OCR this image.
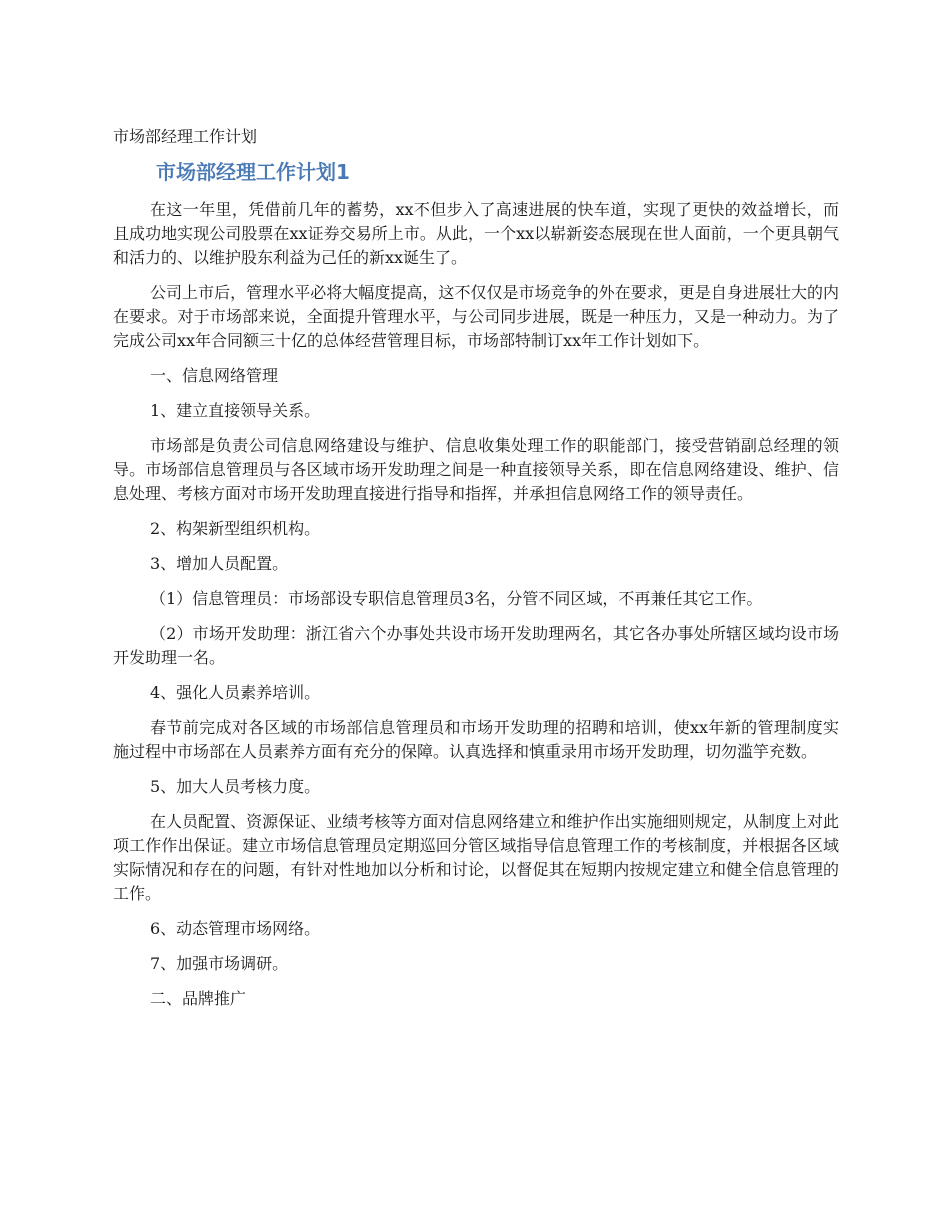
市场部经理工作计划
市场部经理工作计划1

在这一年里，凭借前几年的蓄势，xx不但步入了高速进展的快车道，实现了更快的效益增长，而且成功地实现公司股票在xx证券交易所上市。从此，一个xx以崭新姿态展现在世人面前，一个更具朝气和活力的、以维护股东利益为己任的新xx诞生了。

公司上市后，管理水平必将大幅度提高，这不仅仅是市场竞争的外在要求，更是自身进展壮大的内在要求。对于市场部来说，全面提升管理水平，与公司同步进展，既是一种压力，又是一种动力。为了完成公司xx年合同额三十亿的总体经营管理目标，市场部特制订xx年工作计划如下。

一、信息网络管理

1、建立直接领导关系。

市场部是负责公司信息网络建设与维护、信息收集处理工作的职能部门，接受营销副总经理的领导。市场部信息管理员与各区域市场开发助理之间是一种直接领导关系，即在信息网络建设、维护、信息处理、考核方面对市场开发助理直接进行指导和指挥，并承担信息网络工作的领导责任。

2、构架新型组织机构。

3、增加人员配置。

（1）信息管理员：市场部设专职信息管理员3名，分管不同区域，不再兼任其它工作。

（2）市场开发助理：浙江省六个办事处共设市场开发助理两名，其它各办事处所辖区域均设市场开发助理一名。

4、强化人员素养培训。

春节前完成对各区域的市场部信息管理员和市场开发助理的招聘和培训，使xx年新的管理制度实施过程中市场部在人员素养方面有充分的保障。认真选择和慎重录用市场开发助理，切勿滥竽充数。

5、加大人员考核力度。

在人员配置、资源保证、业绩考核等方面对信息网络建立和维护作出实施细则规定，从制度上对此项工作作出保证。建立市场信息管理员定期巡回分管区域指导信息管理工作的考核制度，并根据各区域实际情况和存在的问题，有针对性地加以分析和讨论，以督促其在短期内按规定建立和健全信息管理的工作。

6、动态管理市场网络。

7、加强市场调研。

二、品牌推广
